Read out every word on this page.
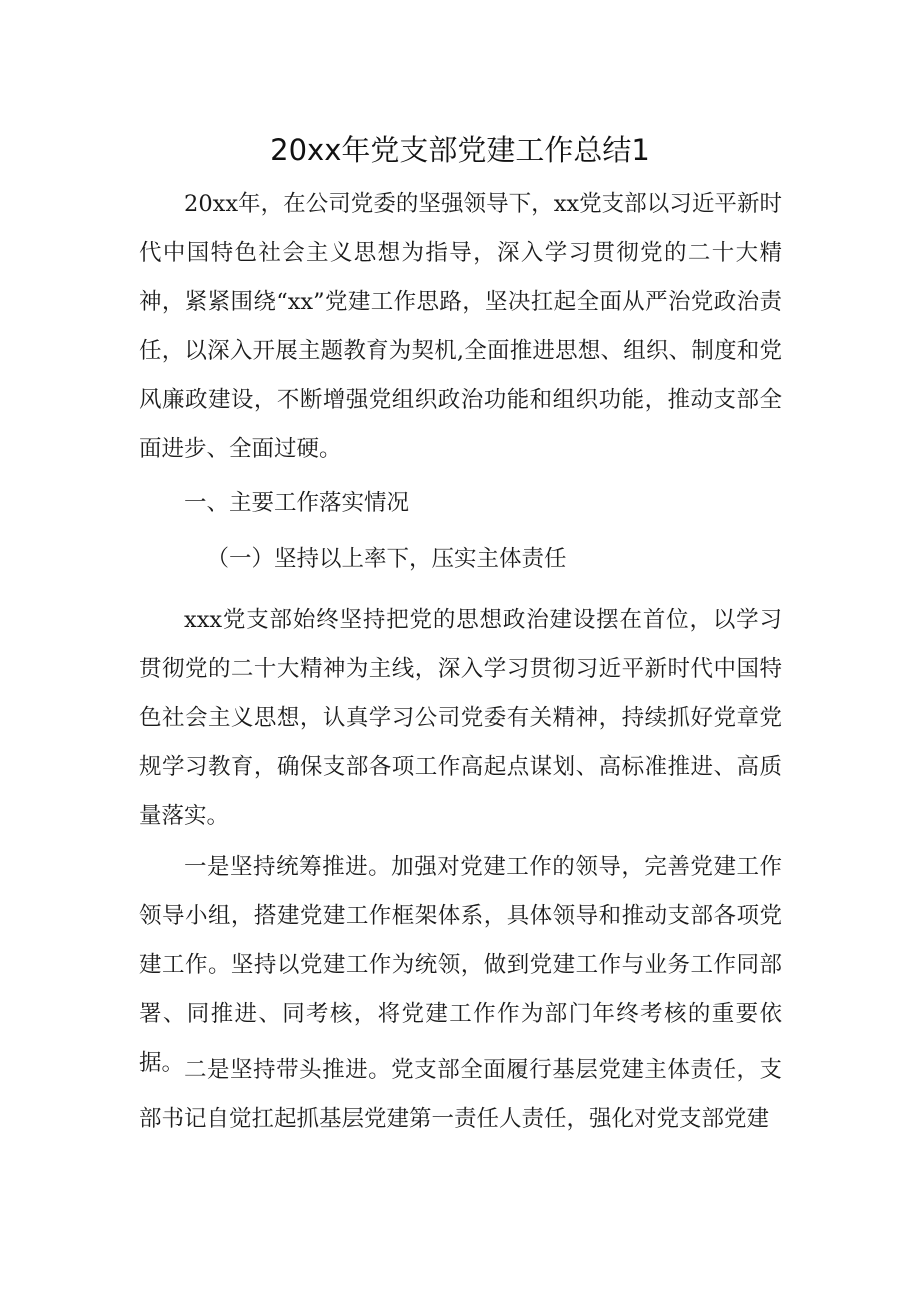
20xx年党支部党建工作总结1

20xx年，在公司党委的坚强领导下，xx党支部以习近平新时代中国特色社会主义思想为指导，深入学习贯彻党的二十大精神，紧紧围绕“xx”党建工作思路，坚决扛起全面从严治党政治责任，以深入开展主题教育为契机,全面推进思想、组织、制度和党风廉政建设，不断增强党组织政治功能和组织功能，推动支部全面进步、全面过硬。

一、主要工作落实情况

（一）坚持以上率下，压实主体责任

xxx党支部始终坚持把党的思想政治建设摆在首位，以学习贯彻党的二十大精神为主线，深入学习贯彻习近平新时代中国特色社会主义思想，认真学习公司党委有关精神，持续抓好党章党规学习教育，确保支部各项工作高起点谋划、高标准推进、高质量落实。

一是坚持统筹推进。加强对党建工作的领导，完善党建工作领导小组，搭建党建工作框架体系，具体领导和推动支部各项党建工作。坚持以党建工作为统领，做到党建工作与业务工作同部署、同推进、同考核，将党建工作作为部门年终考核的重要依据。 二是坚持带头推进。党支部全面履行基层党建主体责任，支部书记自觉扛起抓基层党建第一责任人责任，强化对党支部党建
